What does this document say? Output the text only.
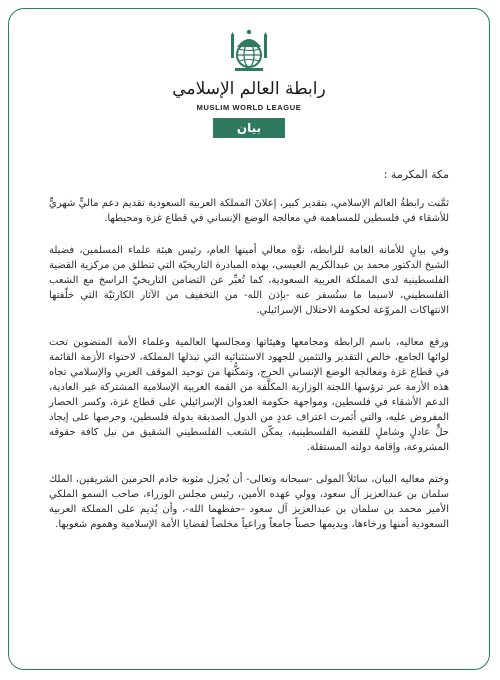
رابطة العالم الإسلامي
MUSLIM WORLD LEAGUE
بيان
مكة المكرمة :

ثمَّنت رابطةُ العالم الإسلامي، بتقدير كبير، إعلانَ المملكة العربية السعودية تقديم دعم ماليٍّ شهريٍّ للأشقاء في فلسطين للمساهمة في معالجة الوضع الإنساني في قطاع غزة ومحيطها.

وفي بيانٍ للأمانة العامة للرابطة، نوَّه معالي أمينها العام، رئيس هيئة علماء المسلمين، فضيلة الشيخ الدكتور محمد بن عبدالكريم العيسى، بهذه المبادرة التاريخيّة التي تنطلق من مركزية القضية الفلسطينية لدى المملكة العربية السعودية، كما تُعبِّر عن التضامن التاريخيّ الراسخ مع الشعب الفلسطيني، لاسيما ما ستُسفر عنه -بإذن الله- من التخفيف من الآثار الكارثيّة التي خلّفتها الانتهاكات المروّعة لحكومة الاحتلال الإسرائيلي.

ورفع معاليه، باسم الرابطة ومجامعها وهيئاتها ومجالسها العالمية وعلماء الأمة المنضوين تحت لوائها الجامع، خالص التقدير والتثمين للجهود الاستثنائية التي تبذلها المملكة، لاحتواء الأزمة القائمة في قطاع غزة ومعالجة الوضع الإنساني الحرج، وتمكُّنها من توحيد الموقف العربي والإسلامي تجاه هذه الأزمة عبر ترؤسها اللجنة الوزارية المكلَّفة من القمة العربية الإسلامية المشتركة غير العادية، الدعم الأشقاء في فلسطين، ومواجهة حكومة العدوان الإسرائيلي على قطاع غزة، وكسر الحصار المفروض عليه، والتي أثمرت اعتراف عددٍ من الدول الصديقة بدولة فلسطين، وحرصها على إيجاد حلٍّ عادلٍ وشاملٍ للقضية الفلسطينية، يمكّن الشعب الفلسطيني الشقيق من نيل كافة حقوقه المشروعة، وإقامة دولته المستقلة.

وختم معاليه البيان، سائلاً المولى -سبحانه وتعالى- أن يُجزل مثوبة خادم الحرمين الشريفين، الملك سلمان بن عبدالعزيز آل سعود، وولي عهده الأمين، رئيس مجلس الوزراء، صاحب السمو الملكي الأمير محمد بن سلمان بن عبدالعزيز آل سعود -حفظهما الله-، وأن يُديم على المملكة العربية السعودية أمنها ورخاءها، ويديمها حصناً جامعاً وراعياً مخلصاً لقضايا الأمة الإسلامية وهموم شعوبها.
